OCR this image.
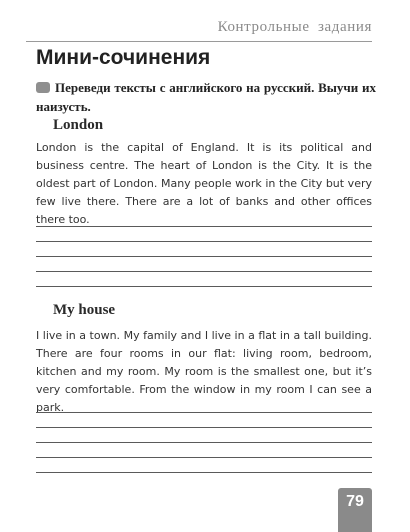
Контрольные задания
Мини-сочинения

Переведи тексты с английского на русский. Выучи их наизусть.

London

London is the capital of England. It is its political and business centre. The heart of London is the City. It is the oldest part of London. Many people work in the City but very few live there. There are a lot of banks and other offices there too.

My house

I live in a town. My family and I live in a flat in a tall building. There are four rooms in our flat: living room, bedroom, kitchen and my room. My room is the smallest one, but it’s very comfortable. From the window in my room I can see a park.

79
